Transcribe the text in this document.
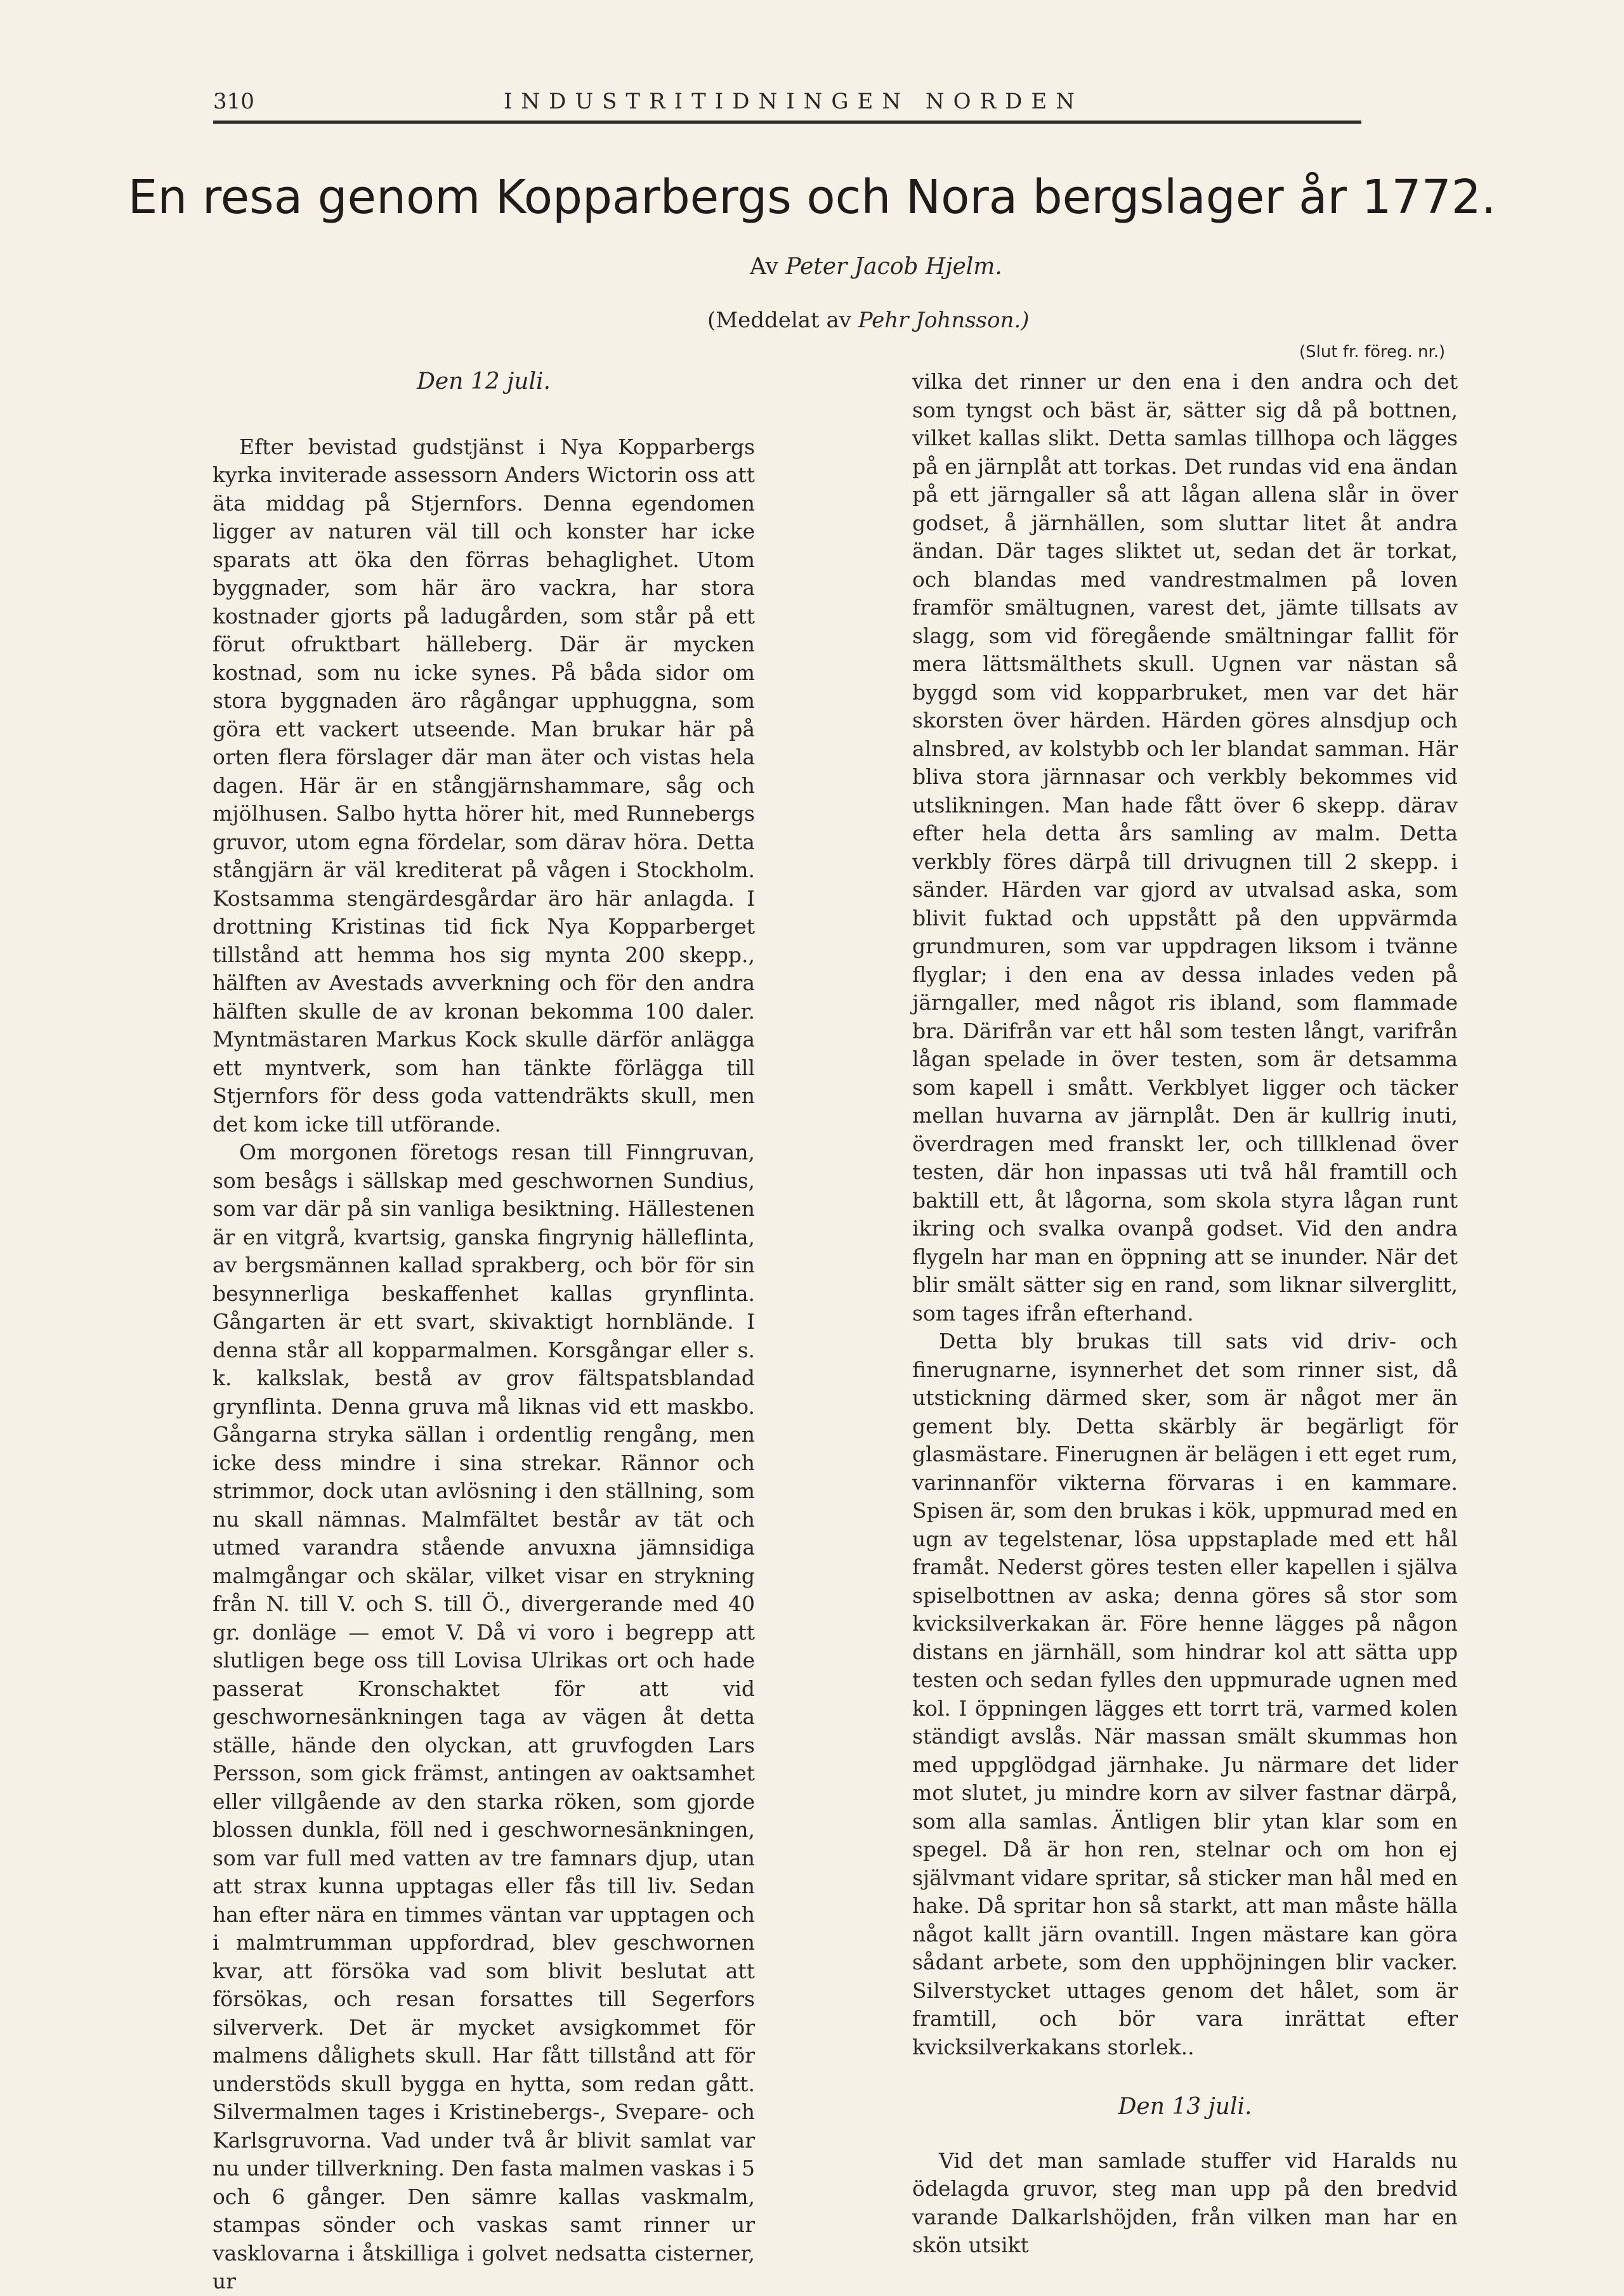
310	INDUSTRITIDNINGEN NORDEN
En resa genom Kopparbergs och Nora bergslager år 1772.
Av Peter Jacob Hjelm.
(Meddelat av Pehr Johnsson.)
(Slut fr. föreg. nr.)
Den 12 juli.

Efter bevistad gudstjänst i Nya Kopparbergs kyrka inviterade assessorn Anders Wictorin oss att äta middag på Stjernfors. Denna egendomen ligger av naturen väl till och konster har icke sparats att öka den förras behaglighet. Utom byggnader, som här äro vackra, har stora kostnader gjorts på ladugården, som står på ett förut ofruktbart hälleberg. Där är mycken kostnad, som nu icke synes. På båda sidor om stora byggnaden äro rågångar upphuggna, som göra ett vackert utseende. Man brukar här på orten flera förslager där man äter och vistas hela dagen. Här är en stångjärnshammare, såg och mjölhusen. Salbo hytta hörer hit, med Runnebergs gruvor, utom egna fördelar, som därav höra. Detta stångjärn är väl krediterat på vågen i Stockholm. Kostsamma stengärdesgårdar äro här anlagda. I drottning Kristinas tid fick Nya Kopparberget tillstånd att hemma hos sig mynta 200 skepp., hälften av Avestads avverkning och för den andra hälften skulle de av kronan bekomma 100 daler. Myntmästaren Markus Kock skulle därför anlägga ett myntverk, som han tänkte förlägga till Stjernfors för dess goda vattendräkts skull, men det kom icke till utförande.

Om morgonen företogs resan till Finngruvan, som besågs i sällskap med geschwornen Sundius, som var där på sin vanliga besiktning. Hällestenen är en vitgrå, kvartsig, ganska fingrynig hälleflinta, av bergsmännen kallad sprakberg, och bör för sin besynnerliga beskaffenhet kallas grynflinta. Gångarten är ett svart, skivaktigt hornbländе. I denna står all kopparmalmen. Korsgångar eller s. k. kalkslak, bestå av grov fältspatsblandad grynflinta. Denna gruva må liknas vid ett maskbo. Gångarna stryka sällan i ordentlig rengång, men icke dess mindre i sina strekar. Rännor och strimmor, dock utan avlösning i den ställning, som nu skall nämnas. Malmfältet består av tät och utmed varandra stående anvuxna jämnsidiga malmgångar och skälar, vilket visar en strykning från N. till V. och S. till Ö., divergerande med 40 gr. donläge — emot V. Då vi voro i begrepp att slutligen bege oss till Lovisa Ulrikas ort och hade passerat Kronschaktet för att vid geschwornesänkningen taga av vägen åt detta ställe, hände den olyckan, att gruvfogden Lars Persson, som gick främst, antingen av oaktsamhet eller villgående av den starka röken, som gjorde blossen dunkla, föll ned i geschwornesänkningen, som var full med vatten av tre famnars djup, utan att strax kunna upptagas eller fås till liv. Sedan han efter nära en timmes väntan var upptagen och i malmtrumman uppfordrad, blev geschwornen kvar, att försöka vad som blivit beslutat att försökas, och resan forsattes till Segerfors silververk. Det är mycket avsigkommet för malmens dålighets skull. Har fått tillstånd att för understöds skull bygga en hytta, som redan gått. Silvermalmen tages i Kristinebergs-, Svepare- och Karlsgruvorna. Vad under två år blivit samlat var nu under tillverkning. Den fasta malmen vaskas i 5 och 6 gånger. Den sämre kallas vaskmalm, stampas sönder och vaskas samt rinner ur vasklovarna i åtskilliga i golvet nedsatta cisterner, ur

vilka det rinner ur den ena i den andra och det som tyngst och bäst är, sätter sig då på bottnen, vilket kallas slikt. Detta samlas tillhopa och lägges på en järnplåt att torkas. Det rundas vid ena ändan på ett järngaller så att lågan allena slår in över godset, å järnhällen, som sluttar litet åt andra ändan. Där tages sliktet ut, sedan det är torkat, och blandas med vandrestmalmen på loven framför smältugnen, varest det, jämte tillsats av slagg, som vid föregående smältningar fallit för mera lättsmälthets skull. Ugnen var nästan så byggd som vid kopparbruket, men var det här skorsten över härden. Härden göres alnsdjup och alnsbred, av kolstybb och ler blandat samman. Här bliva stora järnnasar och verkbly bekommes vid utslikningen. Man hade fått över 6 skepp. därav efter hela detta års samling av malm. Detta verkbly föres därpå till drivugnen till 2 skepp. i sänder. Härden var gjord av utvalsad aska, som blivit fuktad och uppstått på den uppvärmda grundmuren, som var uppdragen liksom i tvänne flyglar; i den ena av dessa inlades veden på järngaller, med något ris ibland, som flammade bra. Därifrån var ett hål som testen långt, varifrån lågan spelade in över testen, som är detsamma som kapell i smått. Verkblyet ligger och täcker mellan huvarna av järnplåt. Den är kullrig inuti, överdragen med franskt ler, och tillklenad över testen, där hon inpassas uti två hål framtill och baktill ett, åt lågorna, som skola styra lågan runt ikring och svalka ovanpå godset. Vid den andra flygeln har man en öppning att se inunder. När det blir smält sätter sig en rand, som liknar silverglitt, som tages ifrån efterhand.

Detta bly brukas till sats vid driv- och finerugnarne, isynnerhet det som rinner sist, då utstickning därmed sker, som är något mer än gement bly. Detta skärbly är begärligt för glasmästare. Finerugnen är belägen i ett eget rum, varinnanför vikterna förvaras i en kammare. Spisen är, som den brukas i kök, uppmurad med en ugn av tegelstenar, lösa uppstaplade med ett hål framåt. Nederst göres testen eller kapellen i själva spiselbottnen av aska; denna göres så stor som kvicksilverkakan är. Före henne lägges på någon distans en järnhäll, som hindrar kol att sätta upp testen och sedan fylles den uppmurade ugnen med kol. I öppningen lägges ett torrt trä, varmed kolen ständigt avslås. När massan smält skummas hon med uppglödgad järnhake. Ju närmare det lider mot slutet, ju mindre korn av silver fastnar därpå, som alla samlas. Äntligen blir ytan klar som en spegel. Då är hon ren, stelnar och om hon ej självmant vidare spritar, så sticker man hål med en hake. Då spritar hon så starkt, att man måste hälla något kallt järn ovantill. Ingen mästare kan göra sådant arbete, som den upphöjningen blir vacker. Silverstycket uttages genom det hålet, som är framtill, och bör vara inrättat efter kvicksilverkakans storlek..

Den 13 juli.

Vid det man samlade stuffer vid Haralds nu ödelagda gruvor, steg man upp på den bredvid varande Dalkarlshöjden, från vilken man har en skön utsikt
